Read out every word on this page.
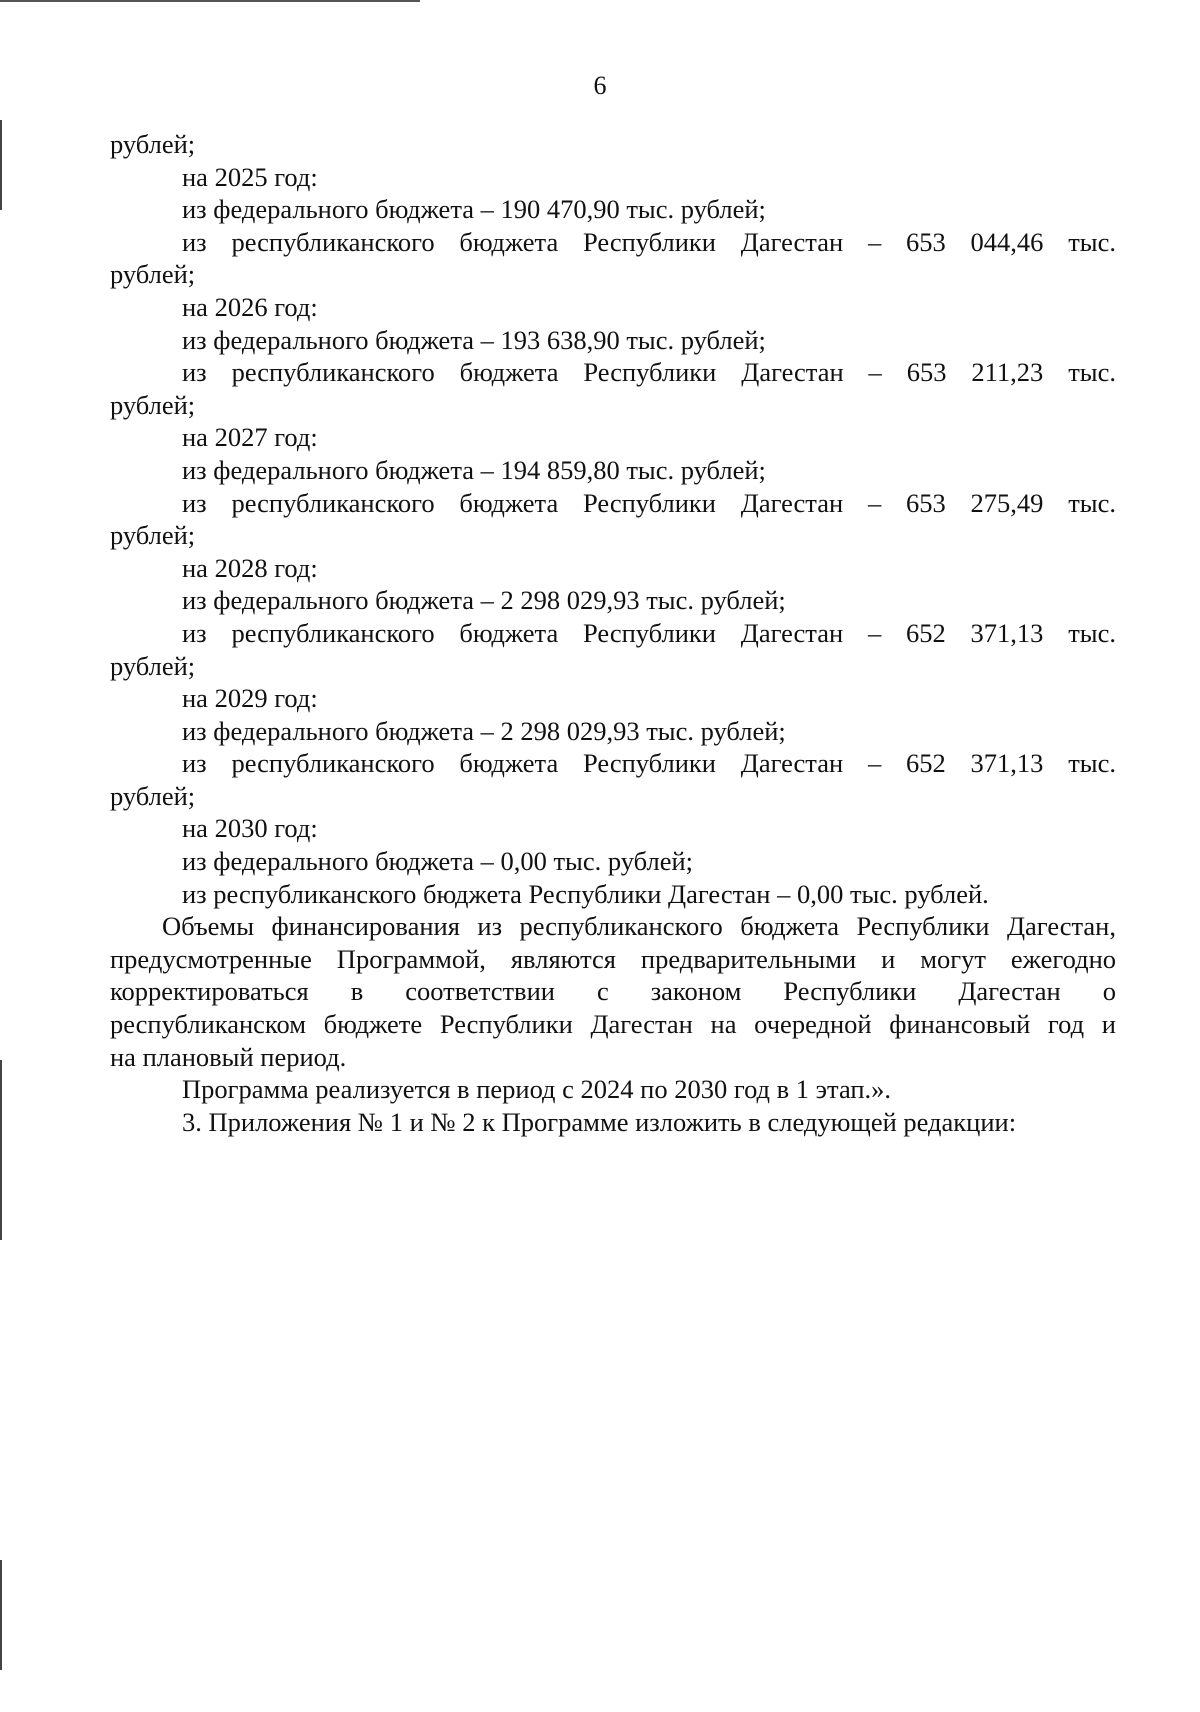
6
рублей;
на 2025 год:
из федерального бюджета – 190 470,90 тыс. рублей;
из республиканского бюджета Республики Дагестан – 653 044,46 тыс.
рублей;
на 2026 год:
из федерального бюджета – 193 638,90 тыс. рублей;
из республиканского бюджета Республики Дагестан – 653 211,23 тыс.
рублей;
на 2027 год:
из федерального бюджета – 194 859,80 тыс. рублей;
из республиканского бюджета Республики Дагестан – 653 275,49 тыс.
рублей;
на 2028 год:
из федерального бюджета – 2 298 029,93 тыс. рублей;
из республиканского бюджета Республики Дагестан – 652 371,13 тыс.
рублей;
на 2029 год:
из федерального бюджета – 2 298 029,93 тыс. рублей;
из республиканского бюджета Республики Дагестан – 652 371,13 тыс.
рублей;
на 2030 год:
из федерального бюджета – 0,00 тыс. рублей;
из республиканского бюджета Республики Дагестан – 0,00 тыс. рублей.
Объемы финансирования из республиканского бюджета Республики Дагестан,
предусмотренные Программой, являются предварительными и могут ежегодно
корректироваться в соответствии с законом Республики Дагестан о
республиканском бюджете Республики Дагестан на очередной финансовый год и
на плановый период.
Программа реализуется в период с 2024 по 2030 год в 1 этап.».
3. Приложения № 1 и № 2 к Программе изложить в следующей редакции:
